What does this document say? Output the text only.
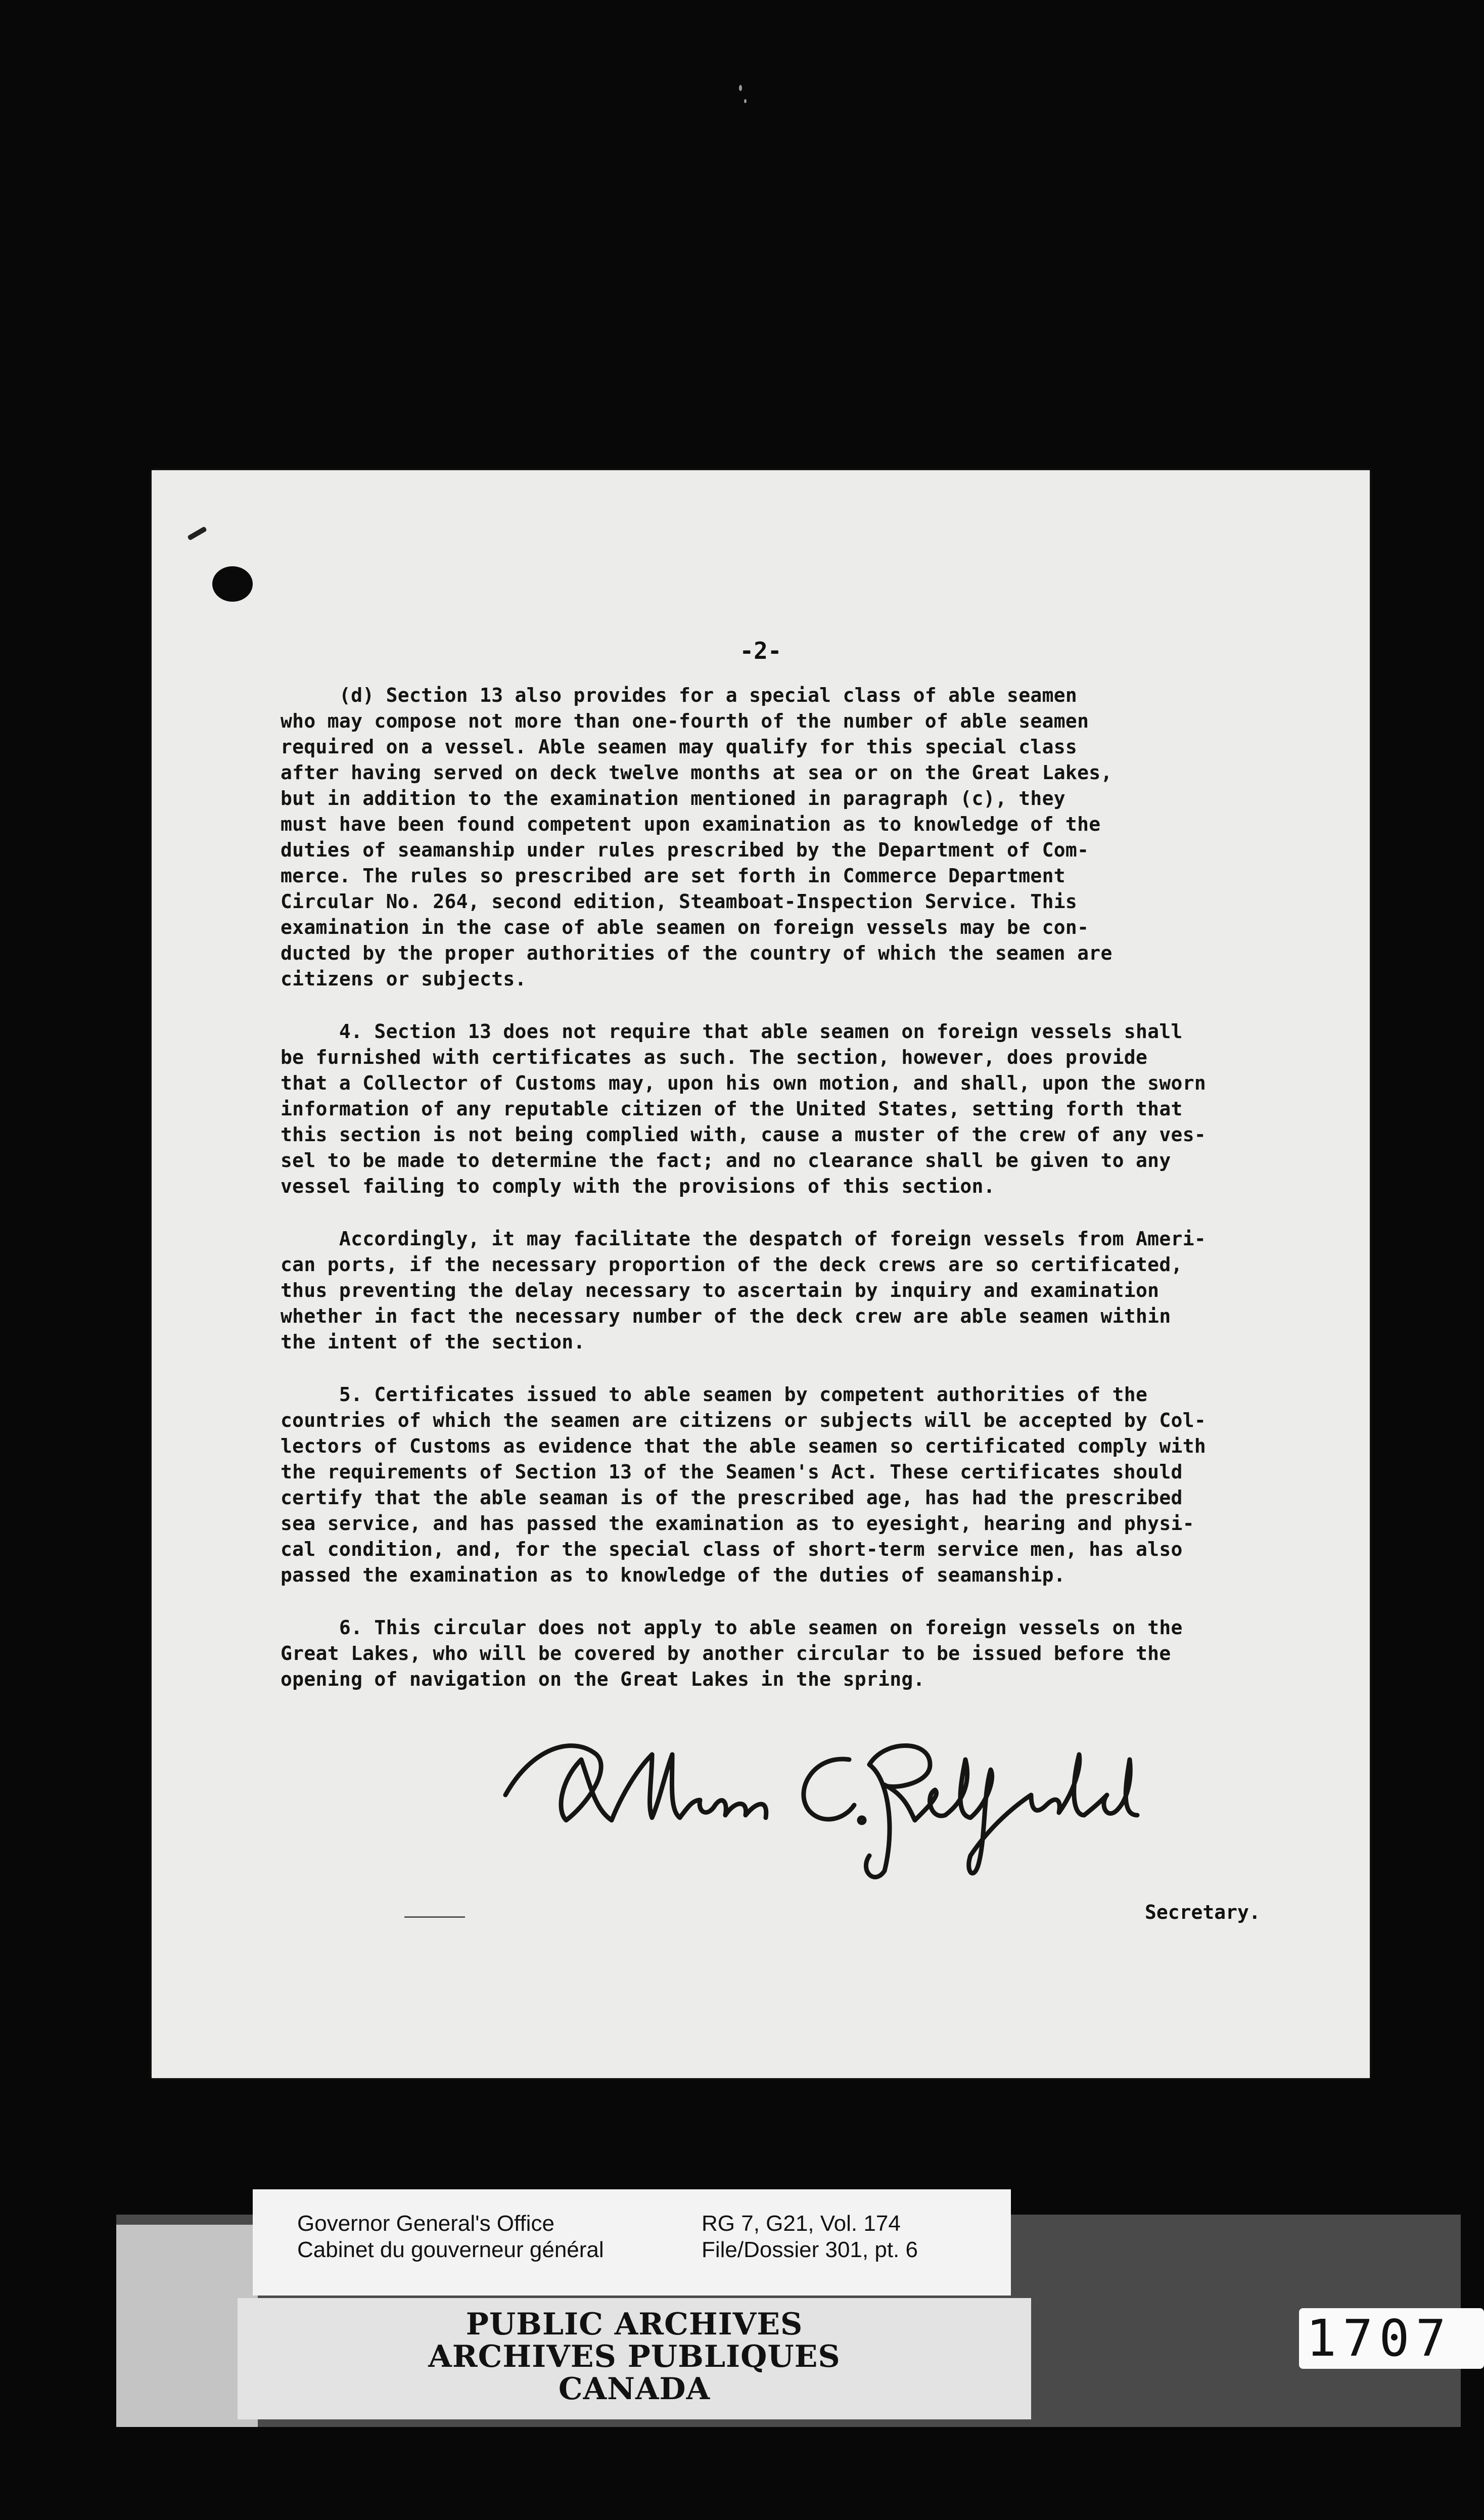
-2-
(d) Section 13 also provides for a special class of able seamen
who may compose not more than one-fourth of the number of able seamen
required on a vessel. Able seamen may qualify for this special class
after having served on deck twelve months at sea or on the Great Lakes,
but in addition to the examination mentioned in paragraph (c), they
must have been found competent upon examination as to knowledge of the
duties of seamanship under rules prescribed by the Department of Com-
merce. The rules so prescribed are set forth in Commerce Department
Circular No. 264, second edition, Steamboat-Inspection Service. This
examination in the case of able seamen on foreign vessels may be con-
ducted by the proper authorities of the country of which the seamen are
citizens or subjects.
4. Section 13 does not require that able seamen on foreign vessels shall
be furnished with certificates as such. The section, however, does provide
that a Collector of Customs may, upon his own motion, and shall, upon the sworn
information of any reputable citizen of the United States, setting forth that
this section is not being complied with, cause a muster of the crew of any ves-
sel to be made to determine the fact; and no clearance shall be given to any
vessel failing to comply with the provisions of this section.
Accordingly, it may facilitate the despatch of foreign vessels from Ameri-
can ports, if the necessary proportion of the deck crews are so certificated,
thus preventing the delay necessary to ascertain by inquiry and examination
whether in fact the necessary number of the deck crew are able seamen within
the intent of the section.
5. Certificates issued to able seamen by competent authorities of the
countries of which the seamen are citizens or subjects will be accepted by Col-
lectors of Customs as evidence that the able seamen so certificated comply with
the requirements of Section 13 of the Seamen's Act. These certificates should
certify that the able seaman is of the prescribed age, has had the prescribed
sea service, and has passed the examination as to eyesight, hearing and physi-
cal condition, and, for the special class of short-term service men, has also
passed the examination as to knowledge of the duties of seamanship.
6. This circular does not apply to able seamen on foreign vessels on the
Great Lakes, who will be covered by another circular to be issued before the
opening of navigation on the Great Lakes in the spring.
Secretary.
Governor General's Office
Cabinet du gouverneur général
RG 7, G21, Vol. 174
File/Dossier 301, pt. 6
PUBLIC ARCHIVES
ARCHIVES PUBLIQUES
CANADA
1707
